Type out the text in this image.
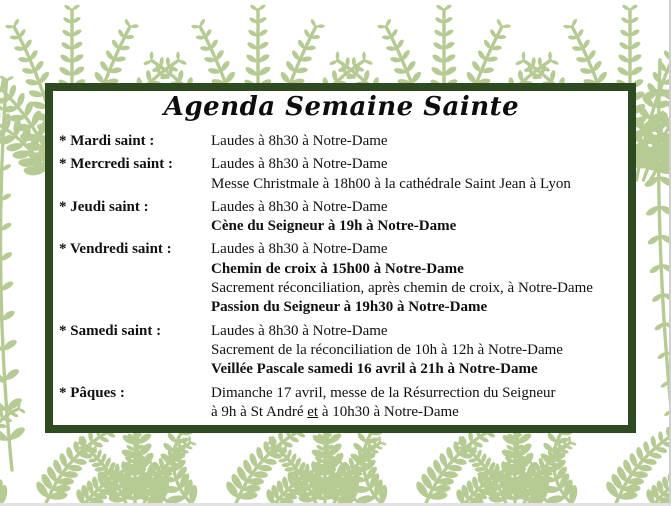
Agenda Semaine Sainte
* Mardi saint :	Laudes à 8h30 à Notre-Dame
* Mercredi saint :	Laudes à 8h30 à Notre-Dame
Messe Christmale à 18h00 à la cathédrale Saint Jean à Lyon
* Jeudi saint :	Laudes à 8h30 à Notre-Dame
Cène du Seigneur à 19h à Notre-Dame
* Vendredi saint :	Laudes à 8h30 à Notre-Dame
Chemin de croix à 15h00 à Notre-Dame
Sacrement réconciliation, après chemin de croix, à Notre-Dame
Passion du Seigneur à 19h30 à Notre-Dame
* Samedi saint :	Laudes à 8h30 à Notre-Dame
Sacrement de la réconciliation de 10h à 12h à Notre-Dame
Veillée Pascale samedi 16 avril à 21h à Notre-Dame
* Pâques :	Dimanche 17 avril, messe de la Résurrection du Seigneur
à 9h à St André et à 10h30 à Notre-Dame
